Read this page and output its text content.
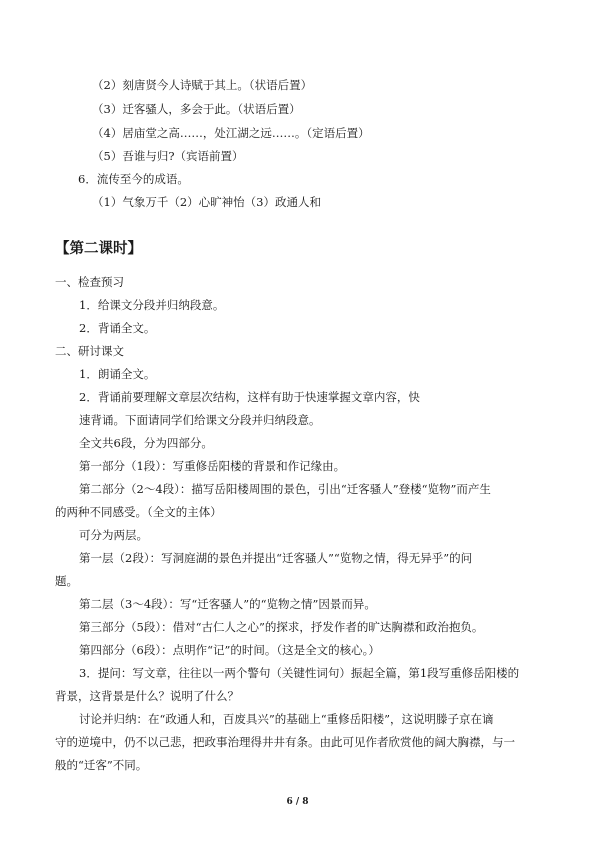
（2）刻唐贤今人诗赋于其上。（状语后置）
（3）迁客骚人，多会于此。（状语后置）
（4）居庙堂之高……，处江湖之远……。（定语后置）
（5）吾谁与归?（宾语前置）
6．流传至今的成语。
（1）气象万千（2）心旷神怡（3）政通人和
【第二课时】
一、检查预习
1．给课文分段并归纳段意。
2．背诵全文。
二、研讨课文
1．朗诵全文。
2．背诵前要理解文章层次结构，这样有助于快速掌握文章内容，快
速背诵。下面请同学们给课文分段并归纳段意。
全文共6段，分为四部分。
第一部分（1段）：写重修岳阳楼的背景和作记缘由。
第二部分（2～4段）：描写岳阳楼周围的景色，引出“迁客骚人”登楼“览物”而产生
的两种不同感受。（全文的主体）
可分为两层。
第一层（2段）：写洞庭湖的景色并提出“迁客骚人”“览物之情，得无异乎”的问
题。
第二层（3～4段）：写“迁客骚人”的“览物之情”因景而异。
第三部分（5段）：借对“古仁人之心”的探求，抒发作者的旷达胸襟和政治抱负。
第四部分（6段）：点明作“记”的时间。（这是全文的核心。）
3．提问：写文章，往往以一两个警句（关键性词句）振起全篇，第1段写重修岳阳楼的
背景，这背景是什么？说明了什么？
讨论并归纳：在“政通人和，百废具兴”的基础上“重修岳阳楼”，这说明滕子京在谪
守的逆境中，仍不以己悲，把政事治理得井井有条。由此可见作者欣赏他的阔大胸襟，与一
般的“迁客”不同。
6 / 8
